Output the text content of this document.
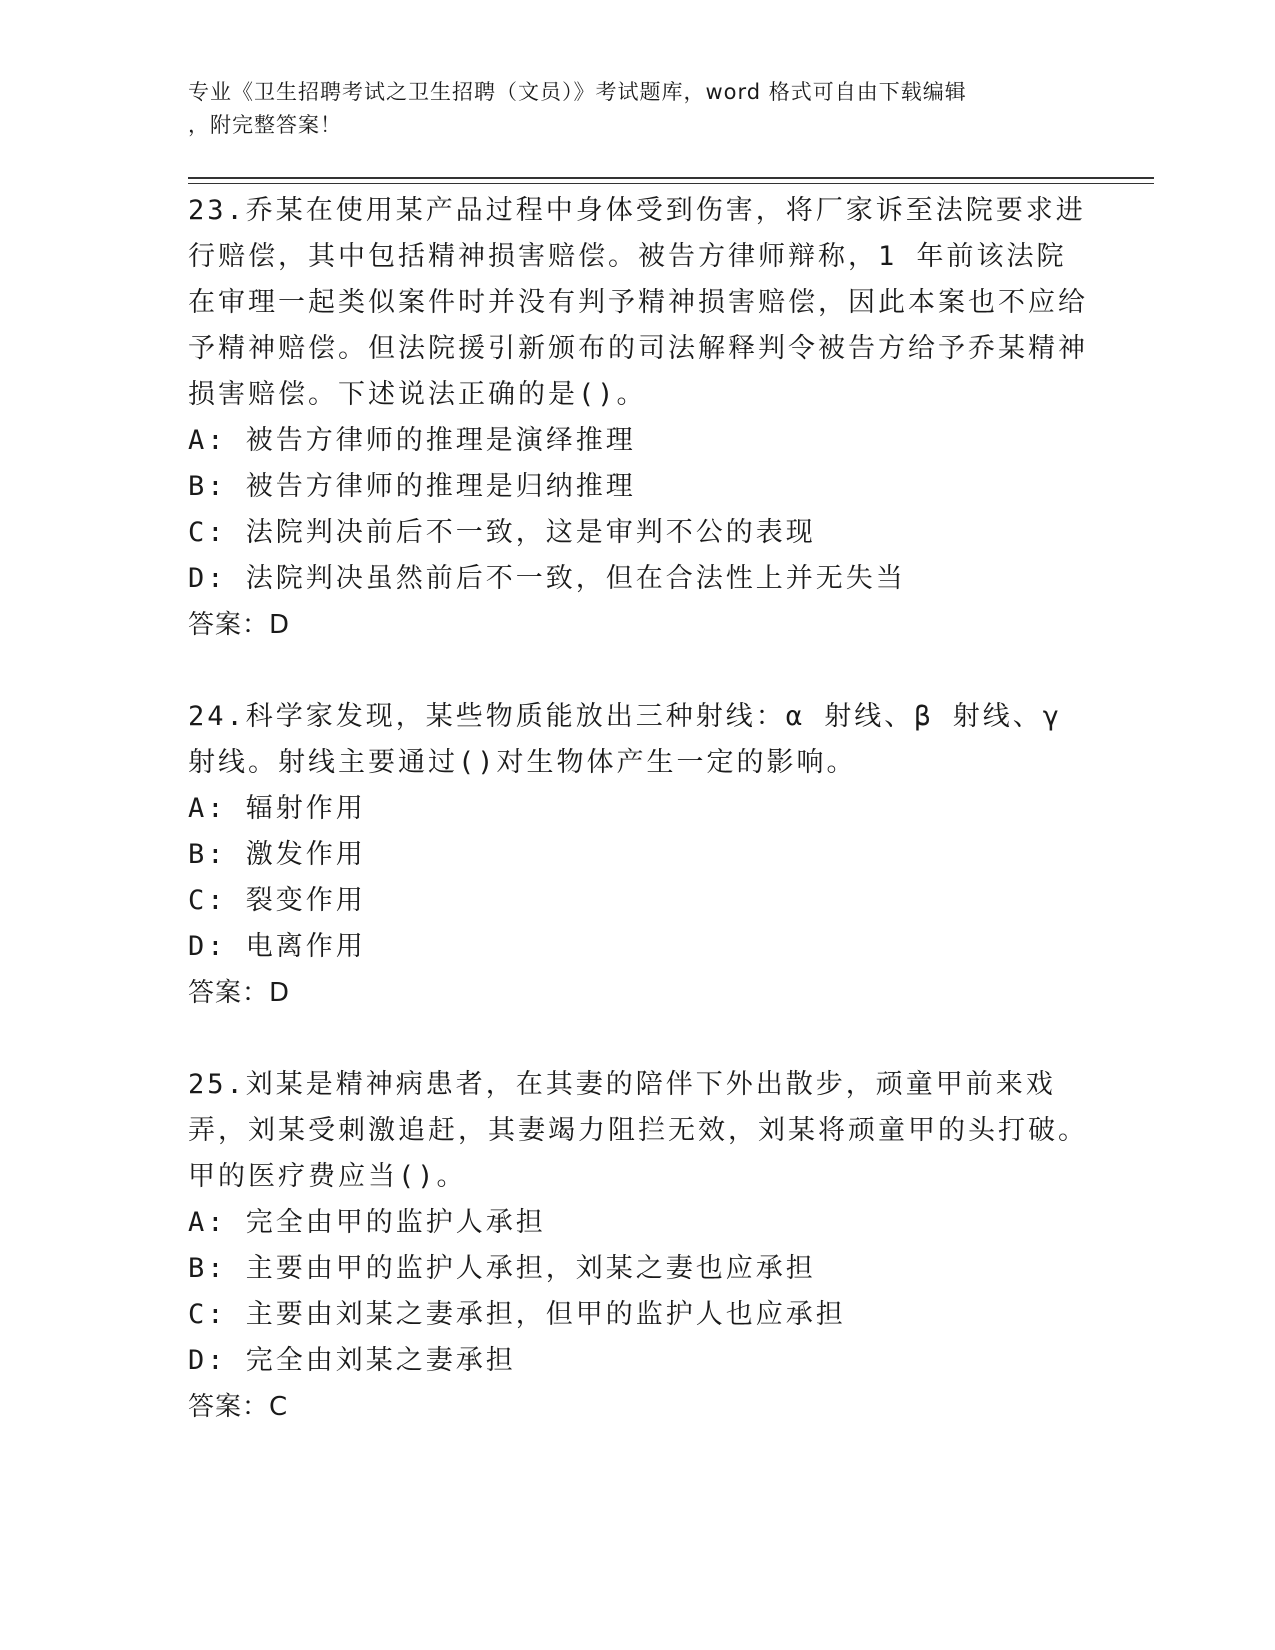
专业《卫生招聘考试之卫生招聘（文员）》考试题库，word 格式可自由下载编辑
，附完整答案！

23.乔某在使用某产品过程中身体受到伤害，将厂家诉至法院要求进行赔偿，其中包括精神损害赔偿。被告方律师辩称，1 年前该法院在审理一起类似案件时并没有判予精神损害赔偿，因此本案也不应给予精神赔偿。但法院援引新颁布的司法解释判令被告方给予乔某精神损害赔偿。下述说法正确的是()。

A: 被告方律师的推理是演绎推理
B: 被告方律师的推理是归纳推理
C: 法院判决前后不一致，这是审判不公的表现
D: 法院判决虽然前后不一致，但在合法性上并无失当
答案：D

24.科学家发现，某些物质能放出三种射线：α 射线、β 射线、γ 射线。射线主要通过()对生物体产生一定的影响。

A: 辐射作用
B: 激发作用
C: 裂变作用
D: 电离作用
答案：D

25.刘某是精神病患者，在其妻的陪伴下外出散步，顽童甲前来戏弄，刘某受刺激追赶，其妻竭力阻拦无效，刘某将顽童甲的头打破。甲的医疗费应当()。

A: 完全由甲的监护人承担
B: 主要由甲的监护人承担，刘某之妻也应承担
C: 主要由刘某之妻承担，但甲的监护人也应承担
D: 完全由刘某之妻承担
答案：C
